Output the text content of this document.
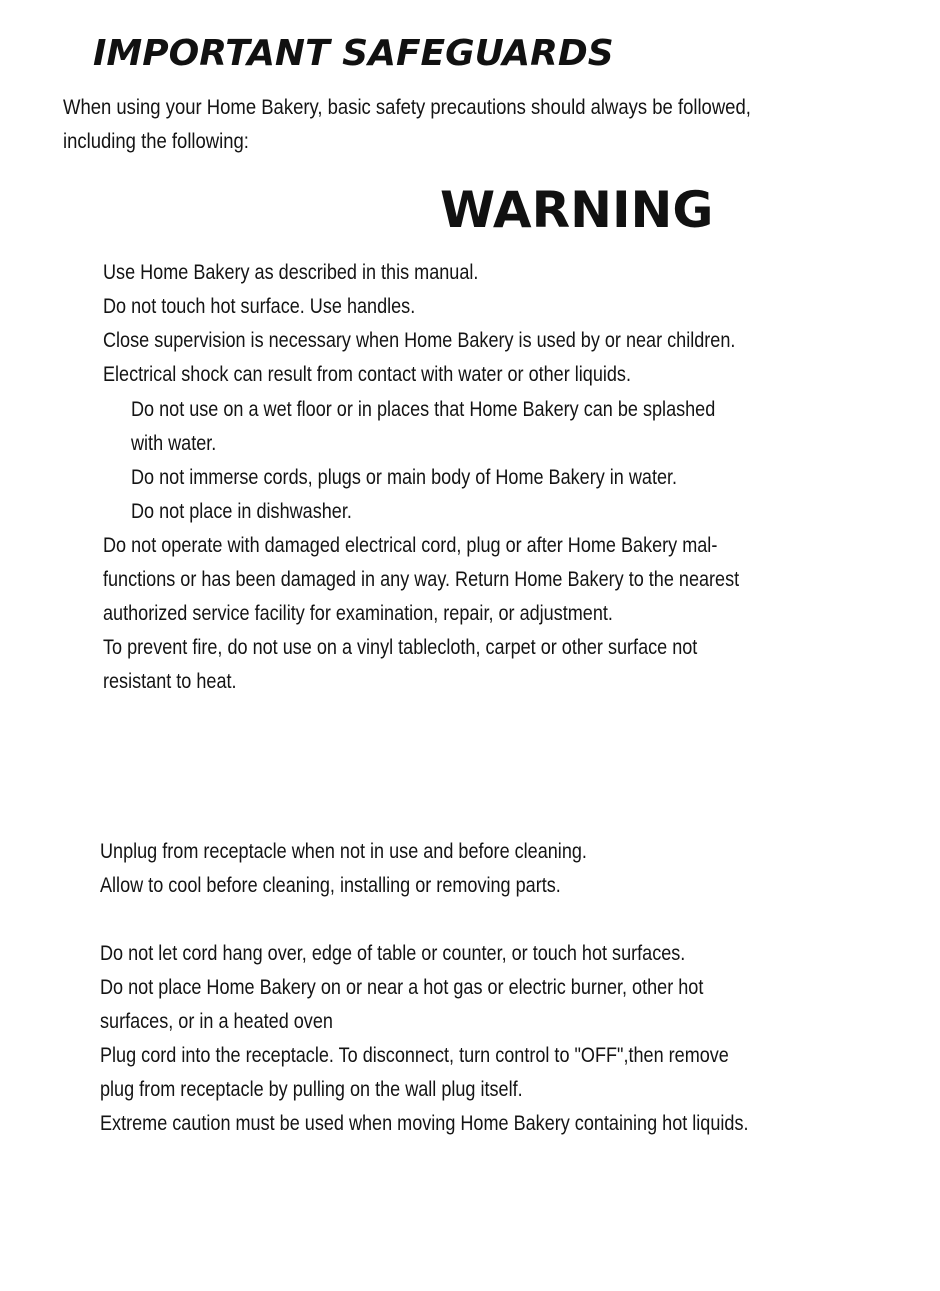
IMPORTANT SAFEGUARDS

When using your Home Bakery, basic safety precautions should always be followed,

including the following:

WARNING

Use Home Bakery as described in this manual.

Do not touch hot surface. Use handles.

Close supervision is necessary when Home Bakery is used by or near children.

Electrical shock can result from contact with water or other liquids.

Do not use on a wet floor or in places that Home Bakery can be splashed

with water.

Do not immerse cords, plugs or main body of Home Bakery in water.

Do not place in dishwasher.

Do not operate with damaged electrical cord, plug or after Home Bakery mal-

functions or has been damaged in any way. Return Home Bakery to the nearest

authorized service facility for examination, repair, or adjustment.

To prevent fire, do not use on a vinyl tablecloth, carpet or other surface not

resistant to heat.

Unplug from receptacle when not in use and before cleaning.

Allow to cool before cleaning, installing or removing parts.

Do not let cord hang over, edge of table or counter, or touch hot surfaces.

Do not place Home Bakery on or near a hot gas or electric burner, other hot

surfaces, or in a heated oven

Plug cord into the receptacle. To disconnect, turn control to "OFF",then remove

plug from receptacle by pulling on the wall plug itself.

Extreme caution must be used when moving Home Bakery containing hot liquids.
